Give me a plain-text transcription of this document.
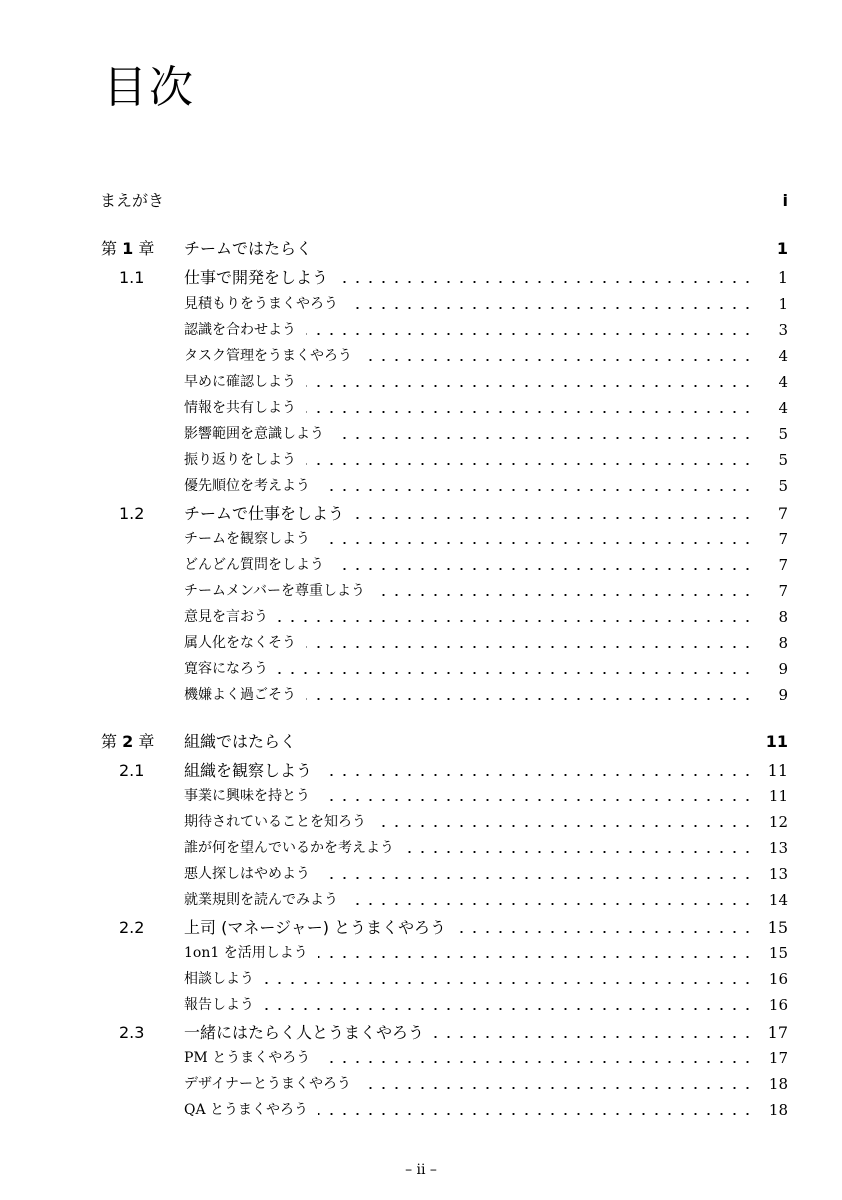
目次
まえがき	i
第 1 章 チームではたらく	1
1.1 仕事で開発をしよう	1
見積もりをうまくやろう	1
認識を合わせよう	3
タスク管理をうまくやろう	4
早めに確認しよう	4
情報を共有しよう	4
影響範囲を意識しよう	5
振り返りをしよう	5
優先順位を考えよう	5
1.2 チームで仕事をしよう	7
チームを観察しよう	7
どんどん質問をしよう	7
チームメンバーを尊重しよう	7
意見を言おう	8
属人化をなくそう	8
寛容になろう	9
機嫌よく過ごそう	9
第 2 章 組織ではたらく	11
2.1 組織を観察しよう	11
事業に興味を持とう	11
期待されていることを知ろう	12
誰が何を望んでいるかを考えよう	13
悪人探しはやめよう	13
就業規則を読んでみよう	14
2.2 上司 (マネージャー) とうまくやろう	15
1on1 を活用しよう	15
相談しよう	16
報告しよう	16
2.3 一緒にはたらく人とうまくやろう	17
PM とうまくやろう	17
デザイナーとうまくやろう	18
QA とうまくやろう	18
– ii –
